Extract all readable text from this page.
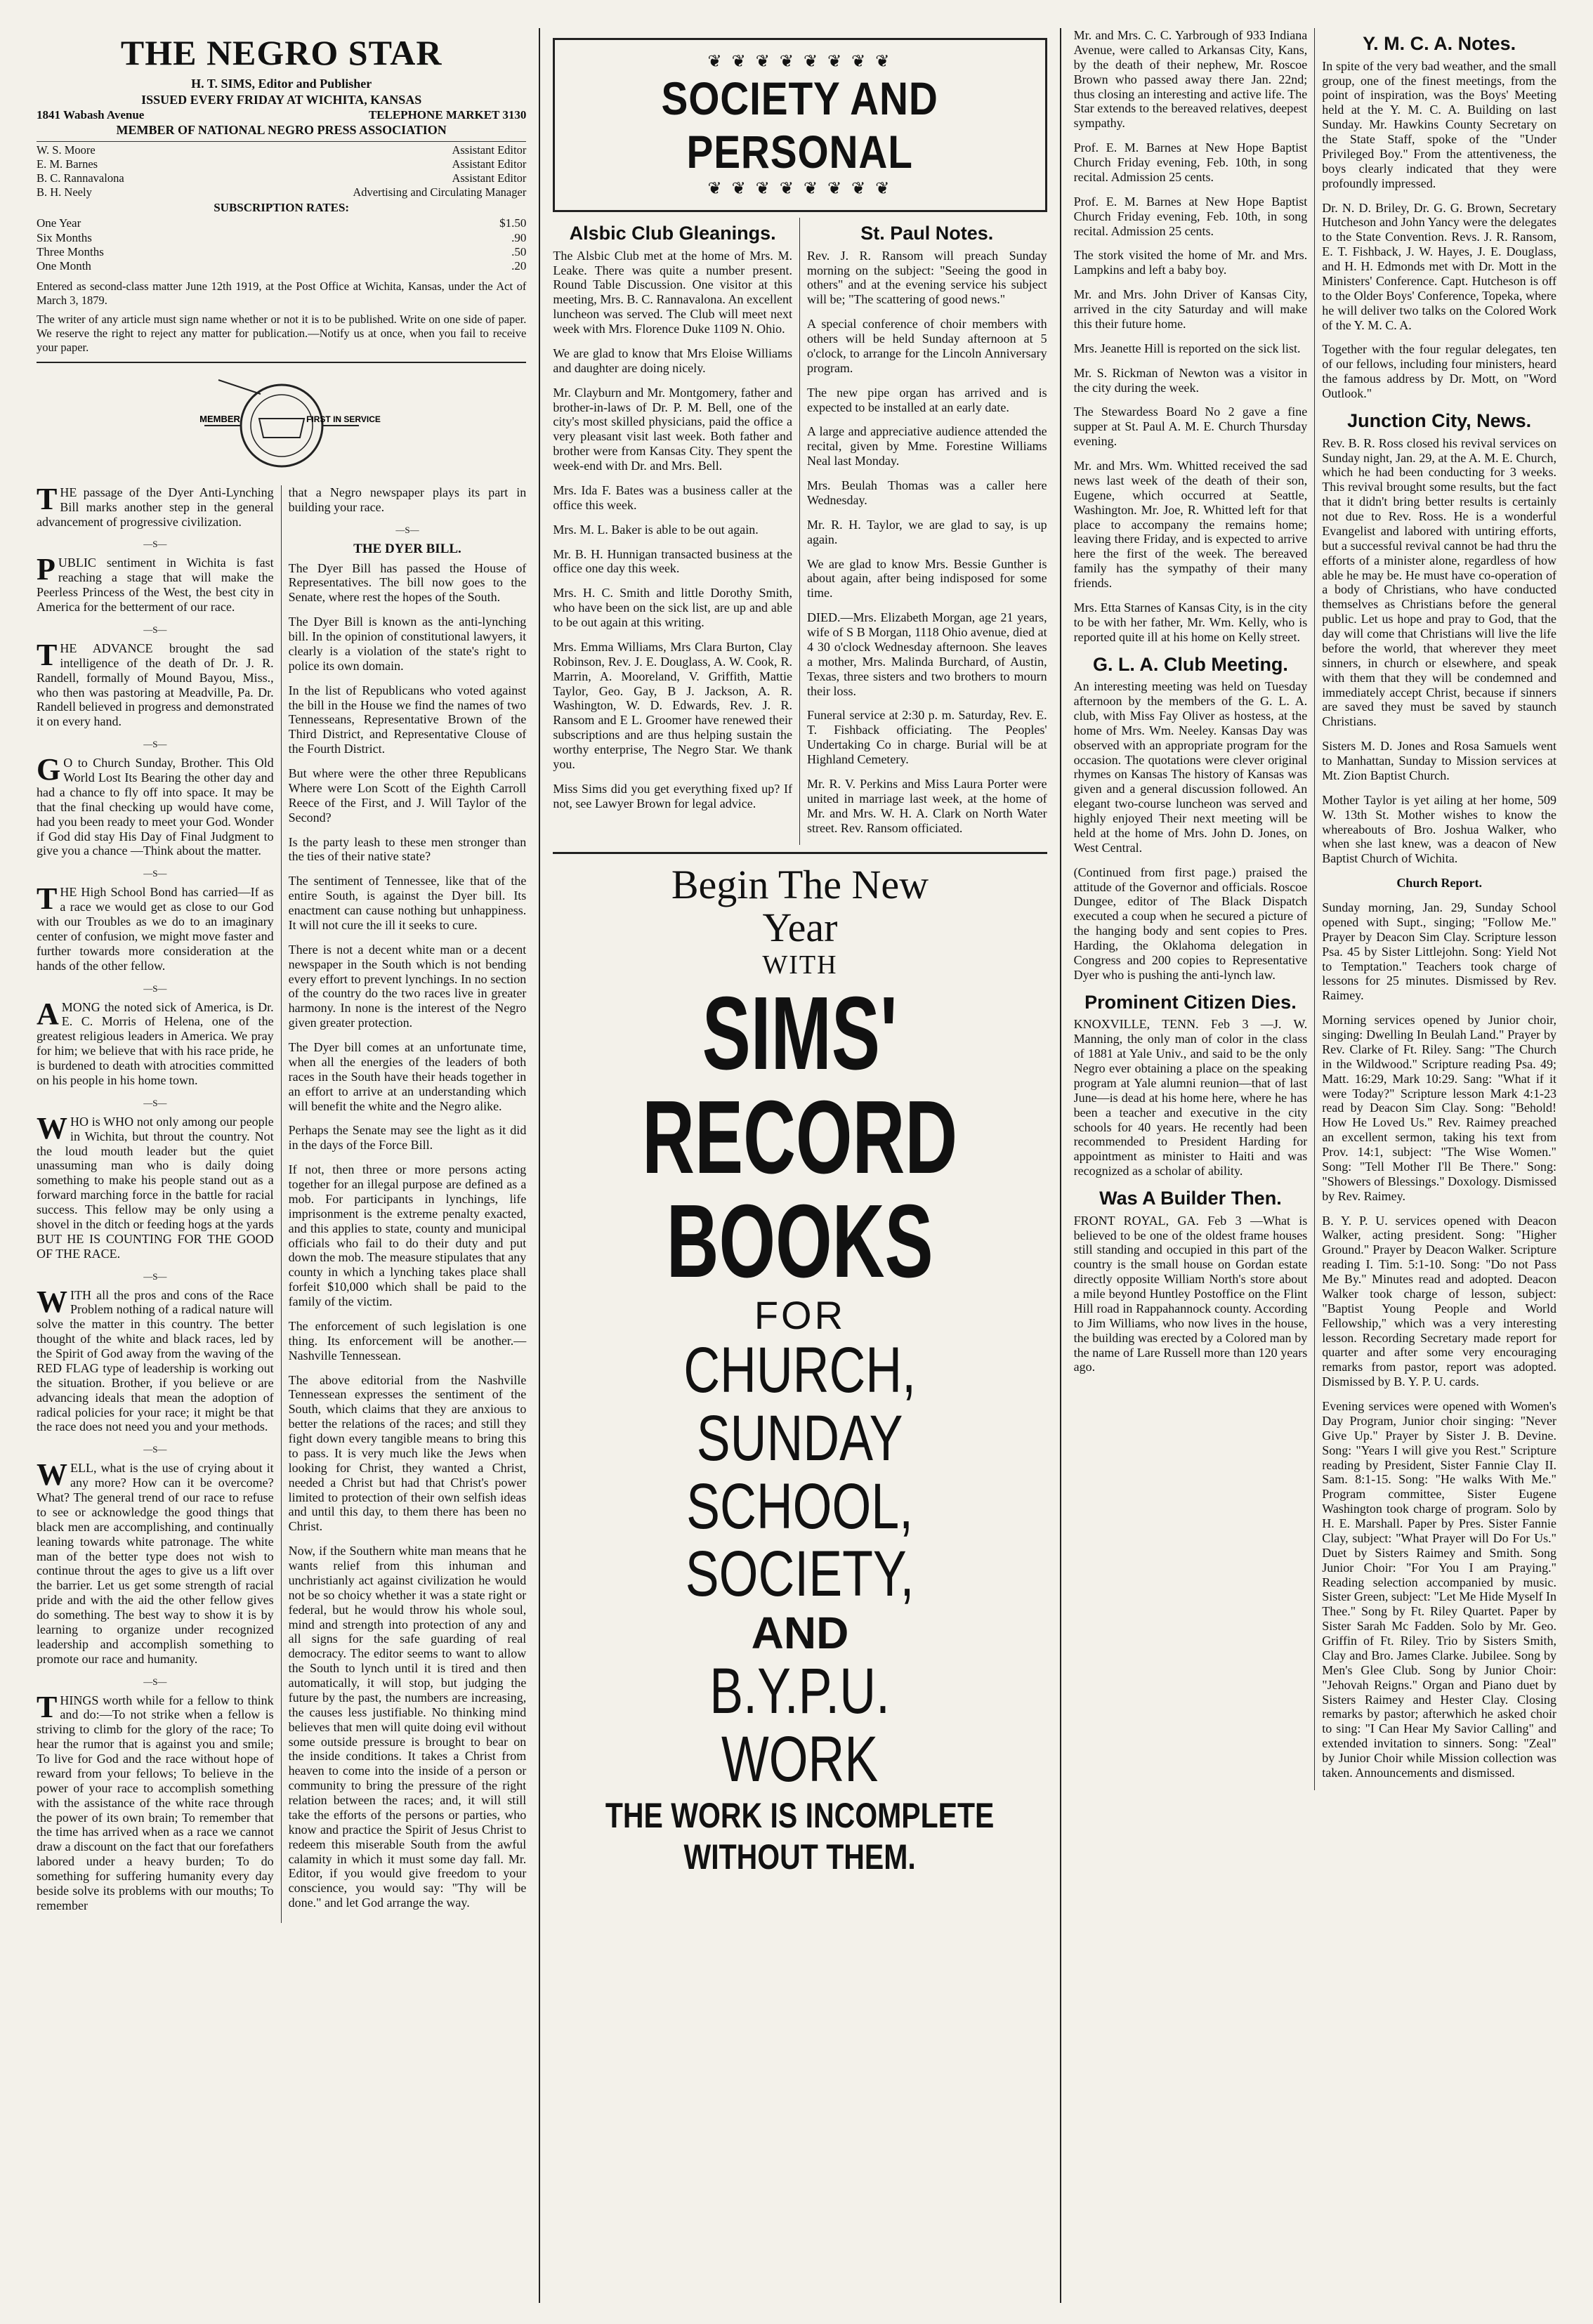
THE NEGRO STAR
H. T. SIMS, Editor and Publisher
ISSUED EVERY FRIDAY AT WICHITA, KANSAS
1841 Wabash Avenue	TELEPHONE MARKET 3130
MEMBER OF NATIONAL NEGRO PRESS ASSOCIATION
W. S. Moore	Assistant Editor
E. M. Barnes	Assistant Editor
B. C. Rannavalona	Assistant Editor
B. H. Neely	Advertising and Circulating Manager
SUBSCRIPTION RATES:
One Year	$1.50
Six Months	.90
Three Months	.50
One Month	.20
Entered as second-class matter June 12th 1919, at the Post Office at Wichita, Kansas, under the Act of March 3, 1879.
The writer of any article must sign name whether or not it is to be published. Write on one side of paper. We reserve the right to reject any matter for publication.—Notify us at once, when you fail to receive your paper.
MEMBER	FIRST IN SERVICE

THE passage of the Dyer Anti-Lynching Bill marks another step in the general advancement of progressive civilization.

—S—

PUBLIC sentiment in Wichita is fast reaching a stage that will make the Peerless Princess of the West, the best city in America for the betterment of our race.

—S—

THE ADVANCE brought the sad intelligence of the death of Dr. J. R. Randell, formally of Mound Bayou, Miss., who then was pastoring at Meadville, Pa. Dr. Randell believed in progress and demonstrated it on every hand.

—S—

GO to Church Sunday, Brother. This Old World Lost Its Bearing the other day and had a chance to fly off into space. It may be that the final checking up would have come, had you been ready to meet your God. Wonder if God did stay His Day of Final Judgment to give you a chance —Think about the matter.

—S—

THE High School Bond has carried—If as a race we would get as close to our God with our Troubles as we do to an imaginary center of confusion, we might move faster and further towards more consideration at the hands of the other fellow.

—S—

AMONG the noted sick of America, is Dr. E. C. Morris of Helena, one of the greatest religious leaders in America. We pray for him; we believe that with his race pride, he is burdened to death with atrocities committed on his people in his home town.

—S—

WHO is WHO not only among our people in Wichita, but throut the country. Not the loud mouth leader but the quiet unassuming man who is daily doing something to make his people stand out as a forward marching force in the battle for racial success. This fellow may be only using a shovel in the ditch or feeding hogs at the yards BUT HE IS COUNTING FOR THE GOOD OF THE RACE.

—S—

WITH all the pros and cons of the Race Problem nothing of a radical nature will solve the matter in this country. The better thought of the white and black races, led by the Spirit of God away from the waving of the RED FLAG type of leadership is working out the situation. Brother, if you believe or are advancing ideals that mean the adoption of radical policies for your race; it might be that the race does not need you and your methods.

—S—

WELL, what is the use of crying about it any more? How can it be overcome? What? The general trend of our race to refuse to see or acknowledge the good things that black men are accomplishing, and continually leaning towards white patronage. The white man of the better type does not wish to continue throut the ages to give us a lift over the barrier. Let us get some strength of racial pride and with the aid the other fellow gives do something. The best way to show it is by learning to organize under recognized leadership and accomplish something to promote our race and humanity.

—S—

THINGS worth while for a fellow to think and do:—To not strike when a fellow is striving to climb for the glory of the race; To hear the rumor that is against you and smile; To live for God and the race without hope of reward from your fellows; To believe in the power of your race to accomplish something with the assistance of the white race through the power of its own brain; To remember that the time has arrived when as a race we cannot draw a discount on the fact that our forefathers labored under a heavy burden; To do something for suffering humanity every day beside solve its problems with our mouths; To remember

that a Negro newspaper plays its part in building your race.

—S—
THE DYER BILL.

The Dyer Bill has passed the House of Representatives. The bill now goes to the Senate, where rest the hopes of the South.

The Dyer Bill is known as the anti-lynching bill. In the opinion of constitutional lawyers, it clearly is a violation of the state's right to police its own domain.

In the list of Republicans who voted against the bill in the House we find the names of two Tennesseans, Representative Brown of the Third District, and Representative Clouse of the Fourth District.

But where were the other three Republicans Where were Lon Scott of the Eighth Carroll Reece of the First, and J. Will Taylor of the Second?

Is the party leash to these men stronger than the ties of their native state?

The sentiment of Tennessee, like that of the entire South, is against the Dyer bill. Its enactment can cause nothing but unhappiness. It will not cure the ill it seeks to cure.

There is not a decent white man or a decent newspaper in the South which is not bending every effort to prevent lynchings. In no section of the country do the two races live in greater harmony. In none is the interest of the Negro given greater protection.

The Dyer bill comes at an unfortunate time, when all the energies of the leaders of both races in the South have their heads together in an effort to arrive at an understanding which will benefit the white and the Negro alike.

Perhaps the Senate may see the light as it did in the days of the Force Bill.

If not, then three or more persons acting together for an illegal purpose are defined as a mob. For participants in lynchings, life imprisonment is the extreme penalty exacted, and this applies to state, county and municipal officials who fail to do their duty and put down the mob. The measure stipulates that any county in which a lynching takes place shall forfeit $10,000 which shall be paid to the family of the victim.

The enforcement of such legislation is one thing. Its enforcement will be another.—Nashville Tennessean.

The above editorial from the Nashville Tennessean expresses the sentiment of the South, which claims that they are anxious to better the relations of the races; and still they fight down every tangible means to bring this to pass. It is very much like the Jews when looking for Christ, they wanted a Christ, needed a Christ but had that Christ's power limited to protection of their own selfish ideas and until this day, to them there has been no Christ.

Now, if the Southern white man means that he wants relief from this inhuman and unchristianly act against civilization he would not be so choicy whether it was a state right or federal, but he would throw his whole soul, mind and strength into protection of any and all signs for the safe guarding of real democracy. The editor seems to want to allow the South to lynch until it is tired and then automatically, it will stop, but judging the future by the past, the numbers are increasing, the causes less justifiable. No thinking mind believes that men will quite doing evil without some outside pressure is brought to bear on the inside conditions. It takes a Christ from heaven to come into the inside of a person or community to bring the pressure of the right relation between the races; and, it will still take the efforts of the persons or parties, who know and practice the Spirit of Jesus Christ to redeem this miserable South from the awful calamity in which it must some day fall. Mr. Editor, if you would give freedom to your conscience, you would say: "Thy will be done." and let God arrange the way.

❦ ❦ ❦ ❦ ❦ ❦ ❦ ❦
SOCIETY AND PERSONAL
❦ ❦ ❦ ❦ ❦ ❦ ❦ ❦
Alsbic Club Gleanings.

The Alsbic Club met at the home of Mrs. M. Leake. There was quite a number present. Round Table Discussion. One visitor at this meeting, Mrs. B. C. Rannavalona. An excellent luncheon was served. The Club will meet next week with Mrs. Florence Duke 1109 N. Ohio.

We are glad to know that Mrs Eloise Williams and daughter are doing nicely.

Mr. Clayburn and Mr. Montgomery, father and brother-in-laws of Dr. P. M. Bell, one of the city's most skilled physicians, paid the office a very pleasant visit last week. Both father and brother were from Kansas City. They spent the week-end with Dr. and Mrs. Bell.

Mrs. Ida F. Bates was a business caller at the office this week.

Mrs. M. L. Baker is able to be out again.

Mr. B. H. Hunnigan transacted business at the office one day this week.

Mrs. H. C. Smith and little Dorothy Smith, who have been on the sick list, are up and able to be out again at this writing.

Mrs. Emma Williams, Mrs Clara Burton, Clay Robinson, Rev. J. E. Douglass, A. W. Cook, R. Marrin, A. Mooreland, V. Griffith, Mattie Taylor, Geo. Gay, B J. Jackson, A. R. Washington, W. D. Edwards, Rev. J. R. Ransom and E L. Groomer have renewed their subscriptions and are thus helping sustain the worthy enterprise, The Negro Star. We thank you.

Miss Sims did you get everything fixed up? If not, see Lawyer Brown for legal advice.

St. Paul Notes.

Rev. J. R. Ransom will preach Sunday morning on the subject: "Seeing the good in others" and at the evening service his subject will be; "The scattering of good news."

A special conference of choir members with others will be held Sunday afternoon at 5 o'clock, to arrange for the Lincoln Anniversary program.

The new pipe organ has arrived and is expected to be installed at an early date.

A large and appreciative audience attended the recital, given by Mme. Forestine Williams Neal last Monday.

Mrs. Beulah Thomas was a caller here Wednesday.

Mr. R. H. Taylor, we are glad to say, is up again.

We are glad to know Mrs. Bessie Gunther is about again, after being indisposed for some time.

DIED.—Mrs. Elizabeth Morgan, age 21 years, wife of S B Morgan, 1118 Ohio avenue, died at 4 30 o'clock Wednesday afternoon. She leaves a mother, Mrs. Malinda Burchard, of Austin, Texas, three sisters and two brothers to mourn their loss.

Funeral service at 2:30 p. m. Saturday, Rev. E. T. Fishback officiating. The Peoples' Undertaking Co in charge. Burial will be at Highland Cemetery.

Mr. R. V. Perkins and Miss Laura Porter were united in marriage last week, at the home of Mr. and Mrs. W. H. A. Clark on North Water street. Rev. Ransom officiated.

Begin The New
Year
WITH
SIMS'
RECORD
BOOKS
FOR
CHURCH,
SUNDAY
SCHOOL,
SOCIETY,
AND
B.Y.P.U.
WORK
THE WORK IS INCOMPLETE
WITHOUT THEM.

Mr. and Mrs. C. C. Yarbrough of 933 Indiana Avenue, were called to Arkansas City, Kans, by the death of their nephew, Mr. Roscoe Brown who passed away there Jan. 22nd; thus closing an interesting and active life. The Star extends to the bereaved relatives, deepest sympathy.

Prof. E. M. Barnes at New Hope Baptist Church Friday evening, Feb. 10th, in song recital. Admission 25 cents.

Prof. E. M. Barnes at New Hope Baptist Church Friday evening, Feb. 10th, in song recital. Admission 25 cents.

The stork visited the home of Mr. and Mrs. Lampkins and left a baby boy.

Mr. and Mrs. John Driver of Kansas City, arrived in the city Saturday and will make this their future home.

Mrs. Jeanette Hill is reported on the sick list.

Mr. S. Rickman of Newton was a visitor in the city during the week.

The Stewardess Board No 2 gave a fine supper at St. Paul A. M. E. Church Thursday evening.

Mr. and Mrs. Wm. Whitted received the sad news last week of the death of their son, Eugene, which occurred at Seattle, Washington. Mr. Joe, R. Whitted left for that place to accompany the remains home; leaving there Friday, and is expected to arrive here the first of the week. The bereaved family has the sympathy of their many friends.

Mrs. Etta Starnes of Kansas City, is in the city to be with her father, Mr. Wm. Kelly, who is reported quite ill at his home on Kelly street.

G. L. A. Club Meeting.

An interesting meeting was held on Tuesday afternoon by the members of the G. L. A. club, with Miss Fay Oliver as hostess, at the home of Mrs. Wm. Neeley. Kansas Day was observed with an appropriate program for the occasion. The quotations were clever original rhymes on Kansas The history of Kansas was given and a general discussion followed. An elegant two-course luncheon was served and highly enjoyed Their next meeting will be held at the home of Mrs. John D. Jones, on West Central.

(Continued from first page.) praised the attitude of the Governor and officials. Roscoe Dungee, editor of The Black Dispatch executed a coup when he secured a picture of the hanging body and sent copies to Pres. Harding, the Oklahoma delegation in Congress and 200 copies to Representative Dyer who is pushing the anti-lynch law.

Prominent Citizen Dies.

KNOXVILLE, TENN. Feb 3 —J. W. Manning, the only man of color in the class of 1881 at Yale Univ., and said to be the only Negro ever obtaining a place on the speaking program at Yale alumni reunion—that of last June—is dead at his home here, where he has been a teacher and executive in the city schools for 40 years. He recently had been recommended to President Harding for appointment as minister to Haiti and was recognized as a scholar of ability.

Was A Builder Then.

FRONT ROYAL, GA. Feb 3 —What is believed to be one of the oldest frame houses still standing and occupied in this part of the country is the small house on Gordan estate directly opposite William North's store about a mile beyond Huntley Postoffice on the Flint Hill road in Rappahannock county. According to Jim Williams, who now lives in the house, the building was erected by a Colored man by the name of Lare Russell more than 120 years ago.

Y. M. C. A. Notes.

In spite of the very bad weather, and the small group, one of the finest meetings, from the point of inspiration, was the Boys' Meeting held at the Y. M. C. A. Building on last Sunday. Mr. Hawkins County Secretary on the State Staff, spoke of the "Under Privileged Boy." From the attentiveness, the boys clearly indicated that they were profoundly impressed.

Dr. N. D. Briley, Dr. G. G. Brown, Secretary Hutcheson and John Yancy were the delegates to the State Convention. Revs. J. R. Ransom, E. T. Fishback, J. W. Hayes, J. E. Douglass, and H. H. Edmonds met with Dr. Mott in the Ministers' Conference. Capt. Hutcheson is off to the Older Boys' Conference, Topeka, where he will deliver two talks on the Colored Work of the Y. M. C. A.

Together with the four regular delegates, ten of our fellows, including four ministers, heard the famous address by Dr. Mott, on "Word Outlook."

Junction City, News.

Rev. B. R. Ross closed his revival services on Sunday night, Jan. 29, at the A. M. E. Church, which he had been conducting for 3 weeks. This revival brought some results, but the fact that it didn't bring better results is certainly not due to Rev. Ross. He is a wonderful Evangelist and labored with untiring efforts, but a successful revival cannot be had thru the efforts of a minister alone, regardless of how able he may be. He must have co-operation of a body of Christians, who have conducted themselves as Christians before the general public. Let us hope and pray to God, that the day will come that Christians will live the life before the world, that wherever they meet sinners, in church or elsewhere, and speak with them that they will be condemned and immediately accept Christ, because if sinners are saved they must be saved by staunch Christians.

Sisters M. D. Jones and Rosa Samuels went to Manhattan, Sunday to Mission services at Mt. Zion Baptist Church.

Mother Taylor is yet ailing at her home, 509 W. 13th St. Mother wishes to know the whereabouts of Bro. Joshua Walker, who when she last knew, was a deacon of New Baptist Church of Wichita.

Church Report.

Sunday morning, Jan. 29, Sunday School opened with Supt., singing; "Follow Me." Prayer by Deacon Sim Clay. Scripture lesson Psa. 45 by Sister Littlejohn. Song: Yield Not to Temptation." Teachers took charge of lessons for 25 minutes. Dismissed by Rev. Raimey.

Morning services opened by Junior choir, singing: Dwelling In Beulah Land." Prayer by Rev. Clarke of Ft. Riley. Sang: "The Church in the Wildwood." Scripture reading Psa. 49; Matt. 16:29, Mark 10:29. Sang: "What if it were Today?" Scripture lesson Mark 4:1-23 read by Deacon Sim Clay. Song: "Behold! How He Loved Us." Rev. Raimey preached an excellent sermon, taking his text from Prov. 14:1, subject: "The Wise Women." Song: "Tell Mother I'll Be There." Song: "Showers of Blessings." Doxology. Dismissed by Rev. Raimey.

B. Y. P. U. services opened with Deacon Walker, acting president. Song: "Higher Ground." Prayer by Deacon Walker. Scripture reading I. Tim. 5:1-10. Song: "Do not Pass Me By." Minutes read and adopted. Deacon Walker took charge of lesson, subject: "Baptist Young People and World Fellowship," which was a very interesting lesson. Recording Secretary made report for quarter and after some very encouraging remarks from pastor, report was adopted. Dismissed by B. Y. P. U. cards.

Evening services were opened with Women's Day Program, Junior choir singing: "Never Give Up." Prayer by Sister J. B. Devine. Song: "Years I will give you Rest." Scripture reading by President, Sister Fannie Clay II. Sam. 8:1-15. Song: "He walks With Me." Program committee, Sister Eugene Washington took charge of program. Solo by H. E. Marshall. Paper by Pres. Sister Fannie Clay, subject: "What Prayer will Do For Us." Duet by Sisters Raimey and Smith. Song Junior Choir: "For You I am Praying." Reading selection accompanied by music. Sister Green, subject: "Let Me Hide Myself In Thee." Song by Ft. Riley Quartet. Paper by Sister Sarah Mc Fadden. Solo by Mr. Geo. Griffin of Ft. Riley. Trio by Sisters Smith, Clay and Bro. James Clarke. Jubilee. Song by Men's Glee Club. Song by Junior Choir: "Jehovah Reigns." Organ and Piano duet by Sisters Raimey and Hester Clay. Closing remarks by pastor; afterwhich he asked choir to sing: "I Can Hear My Savior Calling" and extended invitation to sinners. Song: "Zeal" by Junior Choir while Mission collection was taken. Announcements and dismissed.
